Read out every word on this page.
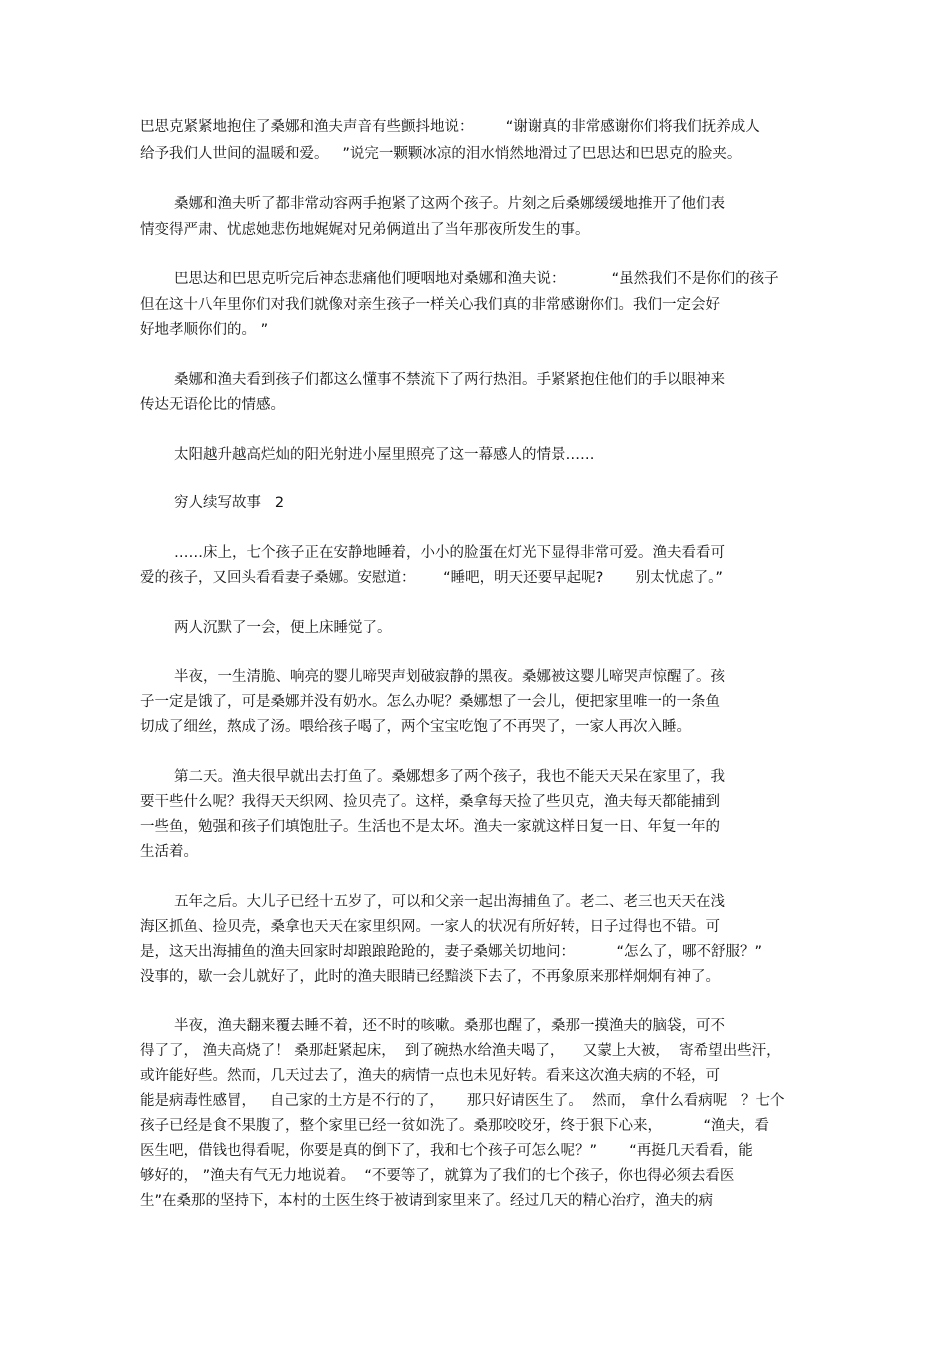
巴思克紧紧地抱住了桑娜和渔夫声音有些颤抖地说：       “谢谢真的非常感谢你们将我们抚养成人
给予我们人世间的温暖和爱。   ”说完一颗颗冰凉的泪水悄然地滑过了巴思达和巴思克的脸夹。
桑娜和渔夫听了都非常动容两手抱紧了这两个孩子。片刻之后桑娜缓缓地推开了他们表
情变得严肃、忧虑她悲伤地娓娓对兄弟俩道出了当年那夜所发生的事。
巴思达和巴思克听完后神态悲痛他们哽咽地对桑娜和渔夫说：          “虽然我们不是你们的孩子
但在这十八年里你们对我们就像对亲生孩子一样关心我们真的非常感谢你们。我们一定会好
好地孝顺你们的。 ”
桑娜和渔夫看到孩子们都这么懂事不禁流下了两行热泪。手紧紧抱住他们的手以眼神来
传达无语伦比的情感。
太阳越升越高烂灿的阳光射进小屋里照亮了这一幕感人的情景……
穷人续写故事   2
……床上，七个孩子正在安静地睡着，小小的脸蛋在灯光下显得非常可爱。渔夫看看可
爱的孩子，又回头看看妻子桑娜。安慰道：      “睡吧，明天还要早起呢?       别太忧虑了。”
两人沉默了一会，便上床睡觉了。
半夜，一生清脆、响亮的婴儿啼哭声划破寂静的黑夜。桑娜被这婴儿啼哭声惊醒了。孩
子一定是饿了，可是桑娜并没有奶水。怎么办呢？桑娜想了一会儿，便把家里唯一的一条鱼
切成了细丝，熬成了汤。喂给孩子喝了，两个宝宝吃饱了不再哭了，一家人再次入睡。
第二天。渔夫很早就出去打鱼了。桑娜想多了两个孩子，我也不能天天呆在家里了，我
要干些什么呢？我得天天织网、捡贝壳了。这样，桑拿每天捡了些贝克，渔夫每天都能捕到
一些鱼，勉强和孩子们填饱肚子。生活也不是太坏。渔夫一家就这样日复一日、年复一年的
生活着。
五年之后。大儿子已经十五岁了，可以和父亲一起出海捕鱼了。老二、老三也天天在浅
海区抓鱼、捡贝壳，桑拿也天天在家里织网。一家人的状况有所好转，日子过得也不错。可
是，这天出海捕鱼的渔夫回家时却踉踉跄跄的，妻子桑娜关切地问：         “怎么了，哪不舒服？”
没事的，歇一会儿就好了，此时的渔夫眼睛已经黯淡下去了，不再象原来那样炯炯有神了。
半夜，渔夫翻来覆去睡不着，还不时的咳嗽。桑那也醒了，桑那一摸渔夫的脑袋，可不
得了了， 渔夫高烧了！ 桑那赶紧起床，  到了碗热水给渔夫喝了，    又蒙上大被，  寄希望出些汗，
或许能好些。然而，几天过去了，渔夫的病情一点也未见好转。看来这次渔夫病的不轻，可
能是病毒性感冒，   自己家的土方是不行的了，     那只好请医生了。  然而， 拿什么看病呢   ？七个
孩子已经是食不果腹了，整个家里已经一贫如洗了。桑那咬咬牙，终于狠下心来，         “渔夫，看
医生吧，借钱也得看呢，你要是真的倒下了，我和七个孩子可怎么呢？”       “再挺几天看看，能
够好的， ”渔夫有气无力地说着。  “不要等了，就算为了我们的七个孩子，你也得必须去看医
生”在桑那的坚持下，本村的土医生终于被请到家里来了。经过几天的精心治疗，渔夫的病
